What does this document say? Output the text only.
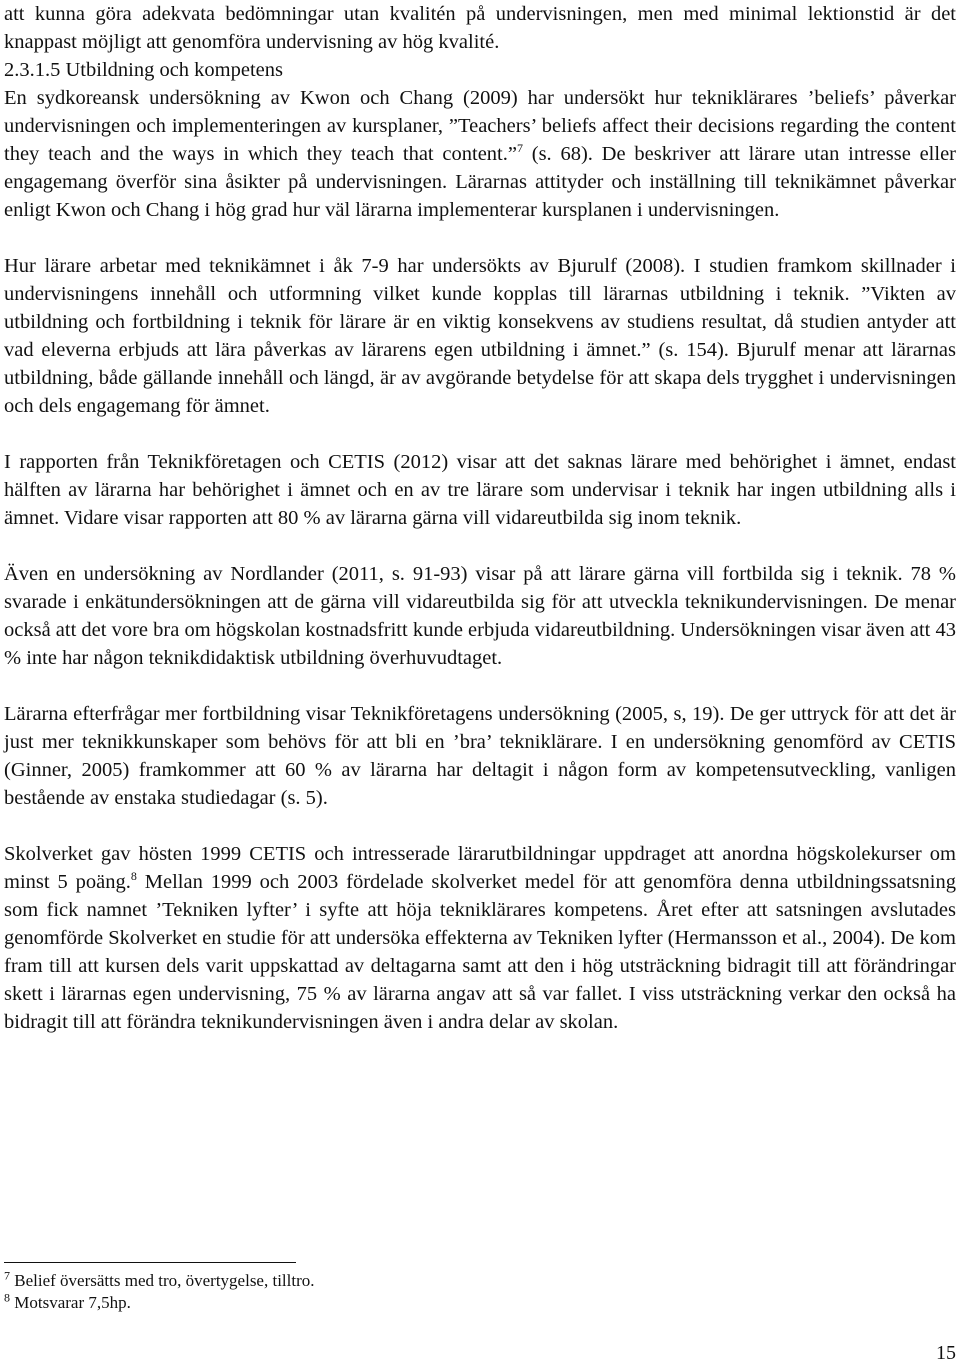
att kunna göra adekvata bedömningar utan kvalitén på undervisningen, men med minimal lektionstid är det knappast möjligt att genomföra undervisning av hög kvalité.

2.3.1.5 Utbildning och kompetens

En sydkoreansk undersökning av Kwon och Chang (2009) har undersökt hur tekniklärares ’beliefs’ påverkar undervisningen och implementeringen av kursplaner, ”Teachers’ beliefs affect their decisions regarding the content they teach and the ways in which they teach that content.”$^7$ (s. 68). De beskriver att lärare utan intresse eller engagemang överför sina åsikter på undervisningen. Lärarnas attityder och inställning till teknikämnet påverkar enligt Kwon och Chang i hög grad hur väl lärarna implementerar kursplanen i undervisningen.

Hur lärare arbetar med teknikämnet i åk 7-9 har undersökts av Bjurulf (2008). I studien framkom skillnader i undervisningens innehåll och utformning vilket kunde kopplas till lärarnas utbildning i teknik. ”Vikten av utbildning och fortbildning i teknik för lärare är en viktig konsekvens av studiens resultat, då studien antyder att vad eleverna erbjuds att lära påverkas av lärarens egen utbildning i ämnet.” (s. 154). Bjurulf menar att lärarnas utbildning, både gällande innehåll och längd, är av avgörande betydelse för att skapa dels trygghet i undervisningen och dels engagemang för ämnet.

I rapporten från Teknikföretagen och CETIS (2012) visar att det saknas lärare med behörighet i ämnet, endast hälften av lärarna har behörighet i ämnet och en av tre lärare som undervisar i teknik har ingen utbildning alls i ämnet. Vidare visar rapporten att 80 % av lärarna gärna vill vidareutbilda sig inom teknik.

Även en undersökning av Nordlander (2011, s. 91-93) visar på att lärare gärna vill fortbilda sig i teknik. 78 % svarade i enkätundersökningen att de gärna vill vidareutbilda sig för att utveckla teknikundervisningen. De menar också att det vore bra om högskolan kostnadsfritt kunde erbjuda vidareutbildning. Undersökningen visar även att 43 % inte har någon teknikdidaktisk utbildning överhuvudtaget.

Lärarna efterfrågar mer fortbildning visar Teknikföretagens undersökning (2005, s, 19). De ger uttryck för att det är just mer teknikkunskaper som behövs för att bli en ’bra’ tekniklärare. I en undersökning genomförd av CETIS (Ginner, 2005) framkommer att 60 % av lärarna har deltagit i någon form av kompetensutveckling, vanligen bestående av enstaka studiedagar (s. 5).

Skolverket gav hösten 1999 CETIS och intresserade lärarutbildningar uppdraget att anordna högskolekurser om minst 5 poäng.$^8$ Mellan 1999 och 2003 fördelade skolverket medel för att genomföra denna utbildningssatsning som fick namnet ’Tekniken lyfter’ i syfte att höja tekniklärares kompetens. Året efter att satsningen avslutades genomförde Skolverket en studie för att undersöka effekterna av Tekniken lyfter (Hermansson et al., 2004). De kom fram till att kursen dels varit uppskattad av deltagarna samt att den i hög utsträckning bidragit till att förändringar skett i lärarnas egen undervisning, 75 % av lärarna angav att så var fallet. I viss utsträckning verkar den också ha bidragit till att förändra teknikundervisningen även i andra delar av skolan.

$^7$ Belief översätts med tro, övertygelse, tilltro.

$^8$ Motsvarar 7,5hp.

15
